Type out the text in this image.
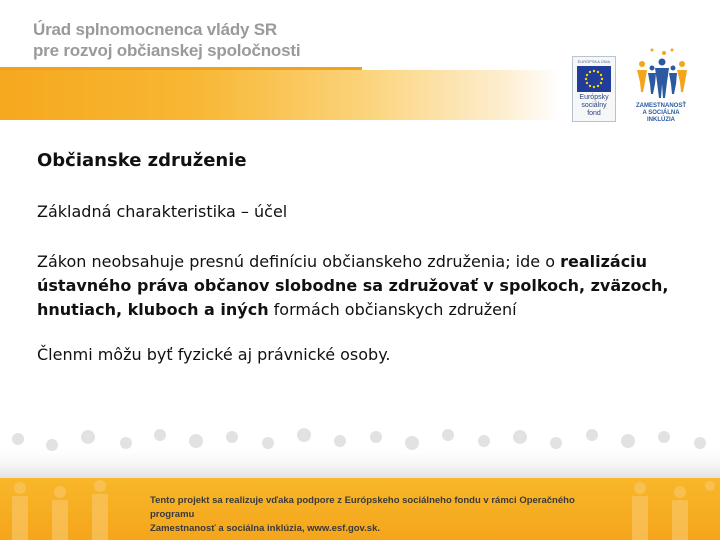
Úrad splnomocnenca vlády SR
pre rozvoj občianskej spoločnosti
EURÓPSKA ÚNIA
Európsky sociálny fond
ZAMESTNANOSŤ
A SOCIÁLNA INKLÚZIA
Občianske združenie
Základná charakteristika – účel
Zákon neobsahuje presnú definíciu občianskeho združenia; ide o realizáciu ústavného práva občanov slobodne sa združovať v spolkoch, zväzoch, hnutiach, kluboch a iných formách občianskych združení
Členmi môžu byť fyzické aj právnické osoby.
Tento projekt sa realizuje vďaka podpore z Európskeho sociálneho fondu v rámci Operačného programu
Zamestnanosť a sociálna inklúzia, www.esf.gov.sk.
